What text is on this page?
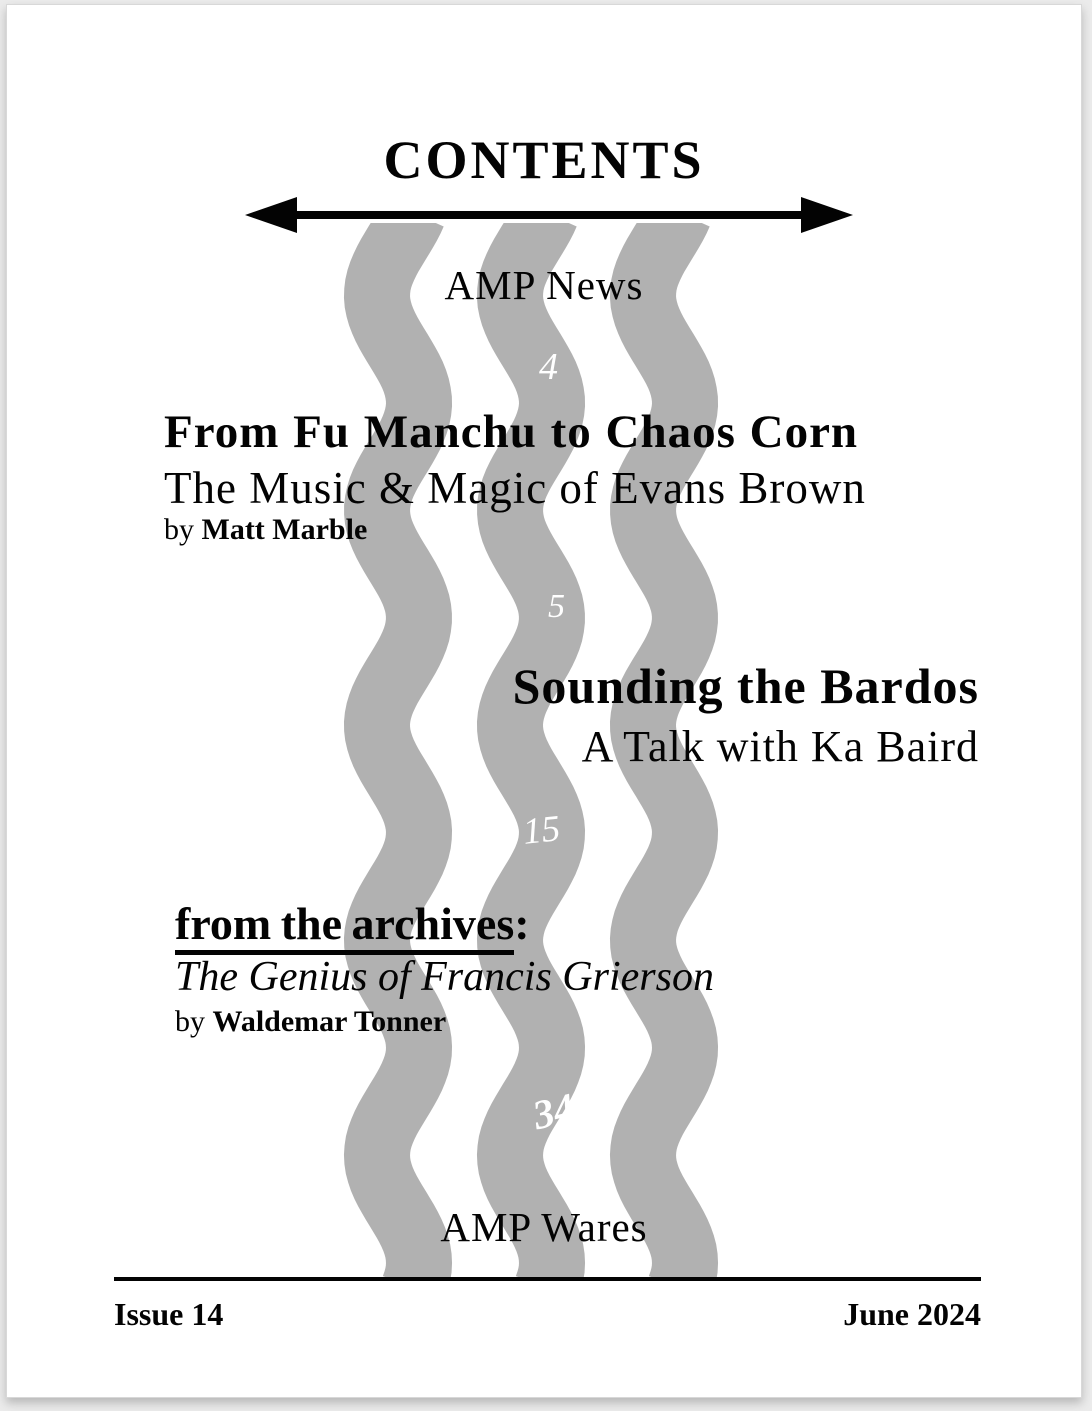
CONTENTS
AMP News
4
From Fu Manchu to Chaos Corn
The Music & Magic of Evans Brown
by Matt Marble
5
Sounding the Bardos
A Talk with Ka Baird
15
from the archives:
The Genius of Francis Grierson
by Waldemar Tonner
34
AMP Wares
Issue 14	June 2024
